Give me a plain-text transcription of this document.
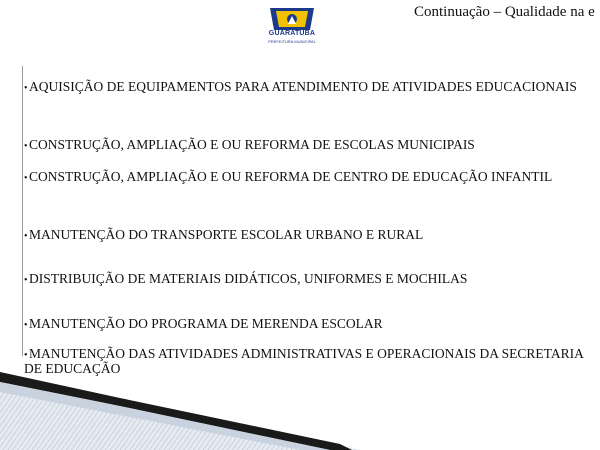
GUARATUBA
PREFEITURA MUNICIPAL
Continuação – Qualidade na e
•AQUISIÇÃO DE EQUIPAMENTOS PARA ATENDIMENTO DE ATIVIDADES EDUCACIONAIS
•CONSTRUÇÃO, AMPLIAÇÃO E OU REFORMA DE ESCOLAS MUNICIPAIS
•CONSTRUÇÃO, AMPLIAÇÃO E OU REFORMA DE CENTRO DE EDUCAÇÃO INFANTIL
•MANUTENÇÃO DO TRANSPORTE ESCOLAR URBANO E RURAL
•DISTRIBUIÇÃO DE MATERIAIS DIDÁTICOS, UNIFORMES E MOCHILAS
•MANUTENÇÃO DO PROGRAMA DE MERENDA ESCOLAR
•MANUTENÇÃO DAS ATIVIDADES ADMINISTRATIVAS E OPERACIONAIS DA SECRETARIA DE EDUCAÇÃO
